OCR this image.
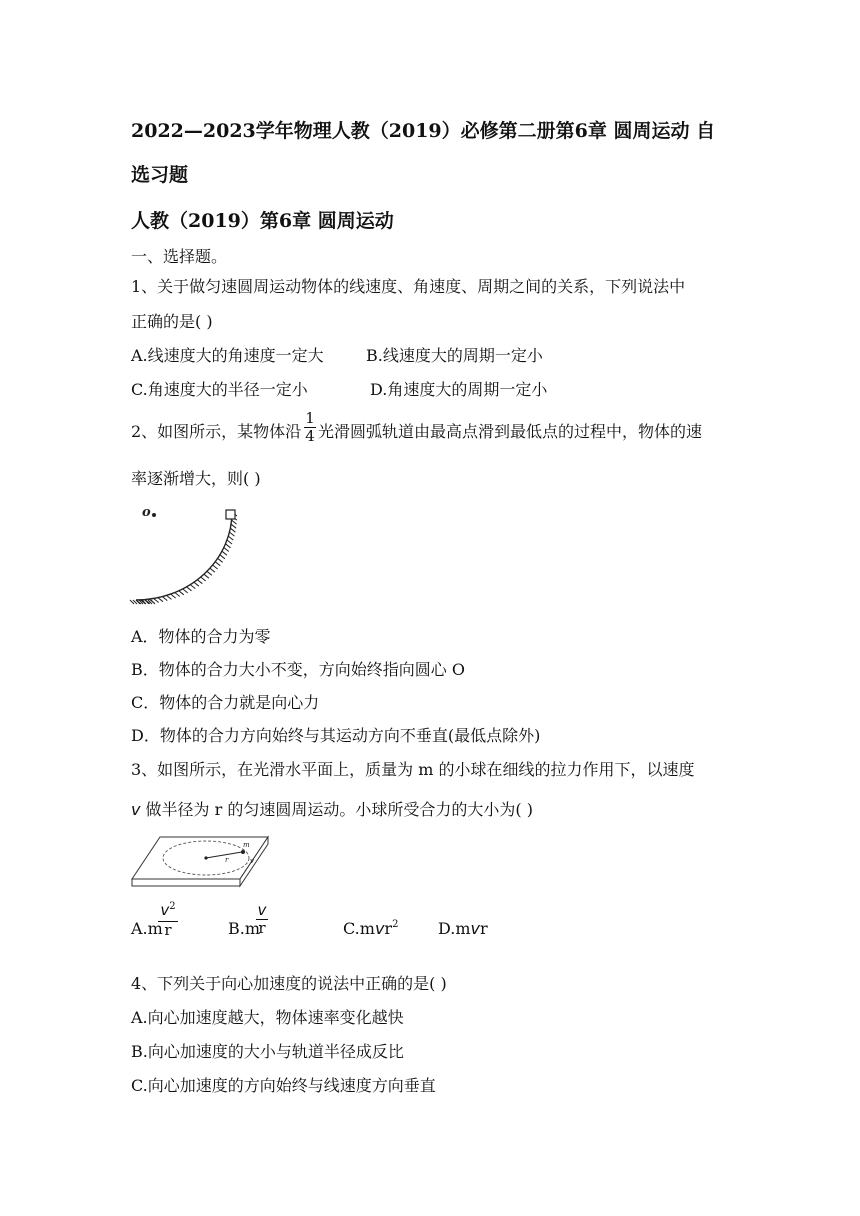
2022—2023学年物理人教（2019）必修第二册第6章 圆周运动 自
选习题
人教（2019）第6章 圆周运动
一、选择题。
1、关于做匀速圆周运动物体的线速度、角速度、周期之间的关系，下列说法中
正确的是( )
A.线速度大的角速度一定大	B.线速度大的周期一定小
C.角速度大的半径一定小	D.角速度大的周期一定小
2、如图所示，某物体沿
1
4 光滑圆弧轨道由最高点滑到最低点的过程中，物体的速
率逐渐增大，则( )
o
A．物体的合力为零
B．物体的合力大小不变，方向始终指向圆心 O
C．物体的合力就是向心力
D．物体的合力方向始终与其运动方向不垂直(最低点除外)
3、如图所示，在光滑水平面上，质量为 m 的小球在细线的拉力作用下，以速度
v 做半径为 r 的匀速圆周运动。小球所受合力的大小为( )
m
r	v
A.m
$v^2$
r	B.m
v
r	C.mvr$^2$ D.mvr
4、下列关于向心加速度的说法中正确的是( )
A.向心加速度越大，物体速率变化越快
B.向心加速度的大小与轨道半径成反比
C.向心加速度的方向始终与线速度方向垂直
